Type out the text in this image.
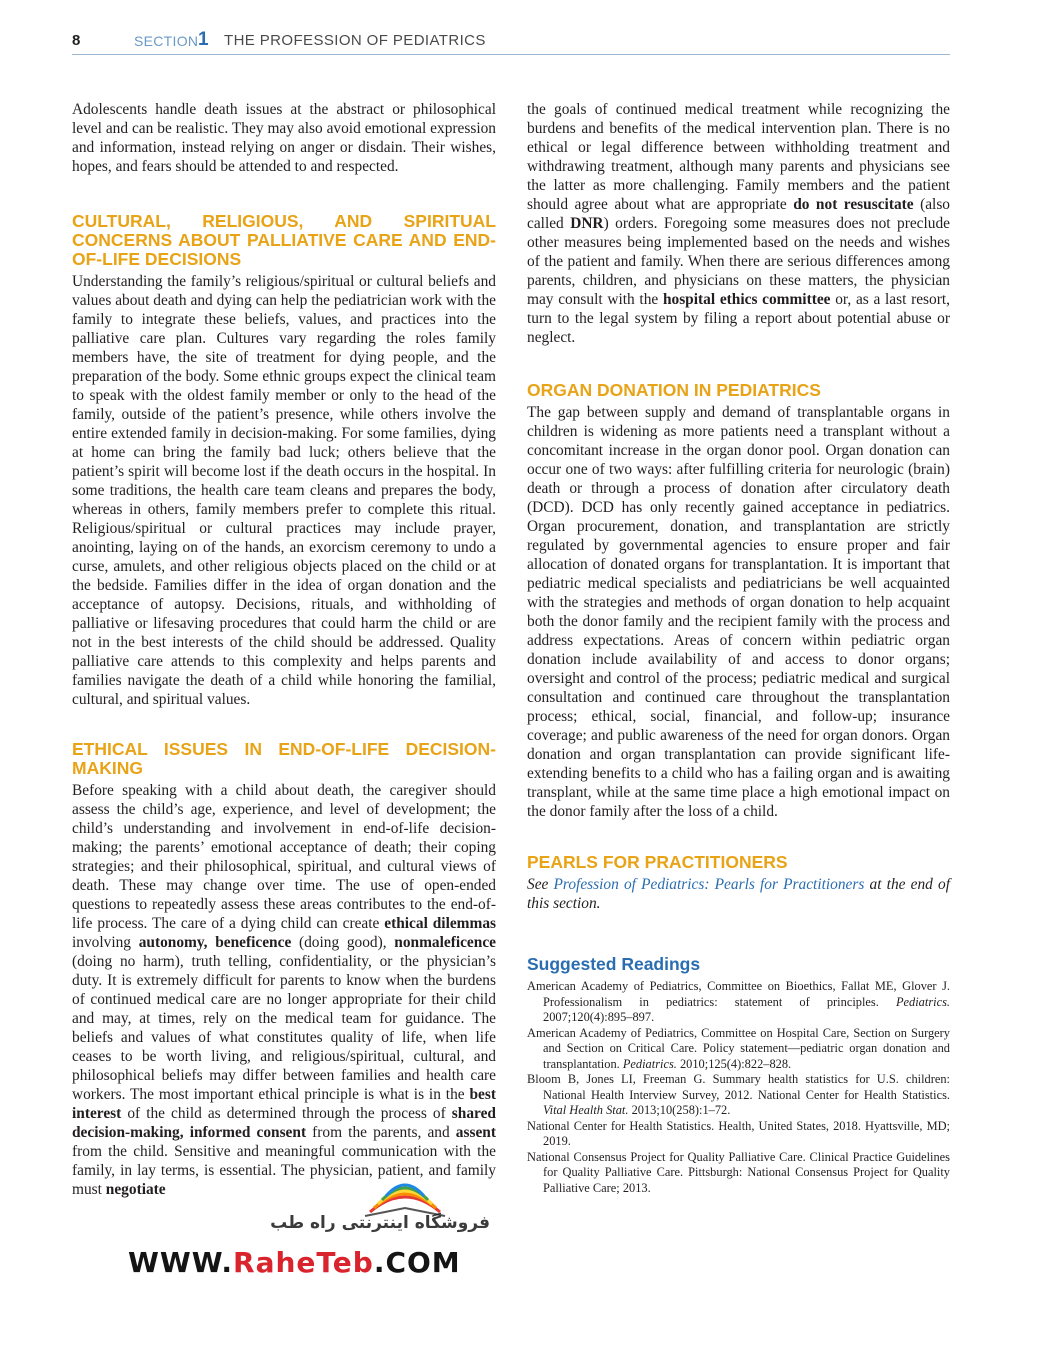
8	SECTION 1 THE PROFESSION OF PEDIATRICS

Adolescents handle death issues at the abstract or philosophical level and can be realistic. They may also avoid emotional expression and information, instead relying on anger or disdain. Their wishes, hopes, and fears should be attended to and respected.

CULTURAL, RELIGIOUS, AND SPIRITUAL CONCERNS ABOUT PALLIATIVE CARE AND END-OF-LIFE DECISIONS

Understanding the family’s religious/spiritual or cultural beliefs and values about death and dying can help the pediatrician work with the family to integrate these beliefs, values, and practices into the palliative care plan. Cultures vary regarding the roles family members have, the site of treatment for dying people, and the preparation of the body. Some ethnic groups expect the clinical team to speak with the oldest family member or only to the head of the family, outside of the patient’s presence, while others involve the entire extended family in decision-making. For some families, dying at home can bring the family bad luck; others believe that the patient’s spirit will become lost if the death occurs in the hospital. In some traditions, the health care team cleans and prepares the body, whereas in others, family members prefer to complete this ritual. Religious/spiritual or cultural practices may include prayer, anointing, laying on of the hands, an exorcism ceremony to undo a curse, amulets, and other religious objects placed on the child or at the bedside. Families differ in the idea of organ donation and the acceptance of autopsy. Decisions, rituals, and withholding of palliative or lifesaving procedures that could harm the child or are not in the best interests of the child should be addressed. Quality palliative care attends to this complexity and helps parents and families navigate the death of a child while honoring the familial, cultural, and spiritual values.

ETHICAL ISSUES IN END-OF-LIFE DECISION-MAKING

Before speaking with a child about death, the caregiver should assess the child’s age, experience, and level of development; the child’s understanding and involvement in end-of-life decision-making; the parents’ emotional acceptance of death; their coping strategies; and their philosophical, spiritual, and cultural views of death. These may change over time. The use of open-ended questions to repeatedly assess these areas contributes to the end-of-life process. The care of a dying child can create ethical dilemmas involving autonomy, beneficence (doing good), nonmaleficence (doing no harm), truth telling, confidentiality, or the physician’s duty. It is extremely difficult for parents to know when the burdens of continued medical care are no longer appropriate for their child and may, at times, rely on the medical team for guidance. The beliefs and values of what constitutes quality of life, when life ceases to be worth living, and religious/spiritual, cultural, and philosophical beliefs may differ between families and health care workers. The most important ethical principle is what is in the best interest of the child as determined through the process of shared decision-making, informed consent from the parents, and assent from the child. Sensitive and meaningful communication with the family, in lay terms, is essential. The physician, patient, and family must negotiate

the goals of continued medical treatment while recognizing the burdens and benefits of the medical intervention plan. There is no ethical or legal difference between withholding treatment and withdrawing treatment, although many parents and physicians see the latter as more challenging. Family members and the patient should agree about what are appropriate do not resuscitate (also called DNR) orders. Foregoing some measures does not preclude other measures being implemented based on the needs and wishes of the patient and family. When there are serious differences among parents, children, and physicians on these matters, the physician may consult with the hospital ethics committee or, as a last resort, turn to the legal system by filing a report about potential abuse or neglect.

ORGAN DONATION IN PEDIATRICS

The gap between supply and demand of transplantable organs in children is widening as more patients need a transplant without a concomitant increase in the organ donor pool. Organ donation can occur one of two ways: after fulfilling criteria for neurologic (brain) death or through a process of donation after circulatory death (DCD). DCD has only recently gained acceptance in pediatrics. Organ procurement, donation, and transplantation are strictly regulated by governmental agencies to ensure proper and fair allocation of donated organs for transplantation. It is important that pediatric medical specialists and pediatricians be well acquainted with the strategies and methods of organ donation to help acquaint both the donor family and the recipient family with the process and address expectations. Areas of concern within pediatric organ donation include availability of and access to donor organs; oversight and control of the process; pediatric medical and surgical consultation and continued care throughout the transplantation process; ethical, social, financial, and follow-up; insurance coverage; and public awareness of the need for organ donors. Organ donation and organ transplantation can provide significant life-extending benefits to a child who has a failing organ and is awaiting transplant, while at the same time place a high emotional impact on the donor family after the loss of a child.

PEARLS FOR PRACTITIONERS

See Profession of Pediatrics: Pearls for Practitioners at the end of this section.

Suggested Readings

American Academy of Pediatrics, Committee on Bioethics, Fallat ME, Glover J. Professionalism in pediatrics: statement of principles. Pediatrics. 2007;120(4):895–897.

American Academy of Pediatrics, Committee on Hospital Care, Section on Surgery and Section on Critical Care. Policy statement—pediatric organ donation and transplantation. Pediatrics. 2010;125(4):822–828.

Bloom B, Jones LI, Freeman G. Summary health statistics for U.S. children: National Health Interview Survey, 2012. National Center for Health Statistics. Vital Health Stat. 2013;10(258):1–72.

National Center for Health Statistics. Health, United States, 2018. Hyattsville, MD; 2019.

National Consensus Project for Quality Palliative Care. Clinical Practice Guidelines for Quality Palliative Care. Pittsburgh: National Consensus Project for Quality Palliative Care; 2013.

فروشگاه اینترنتی راه طب
WWW.RaheTeb.COM
